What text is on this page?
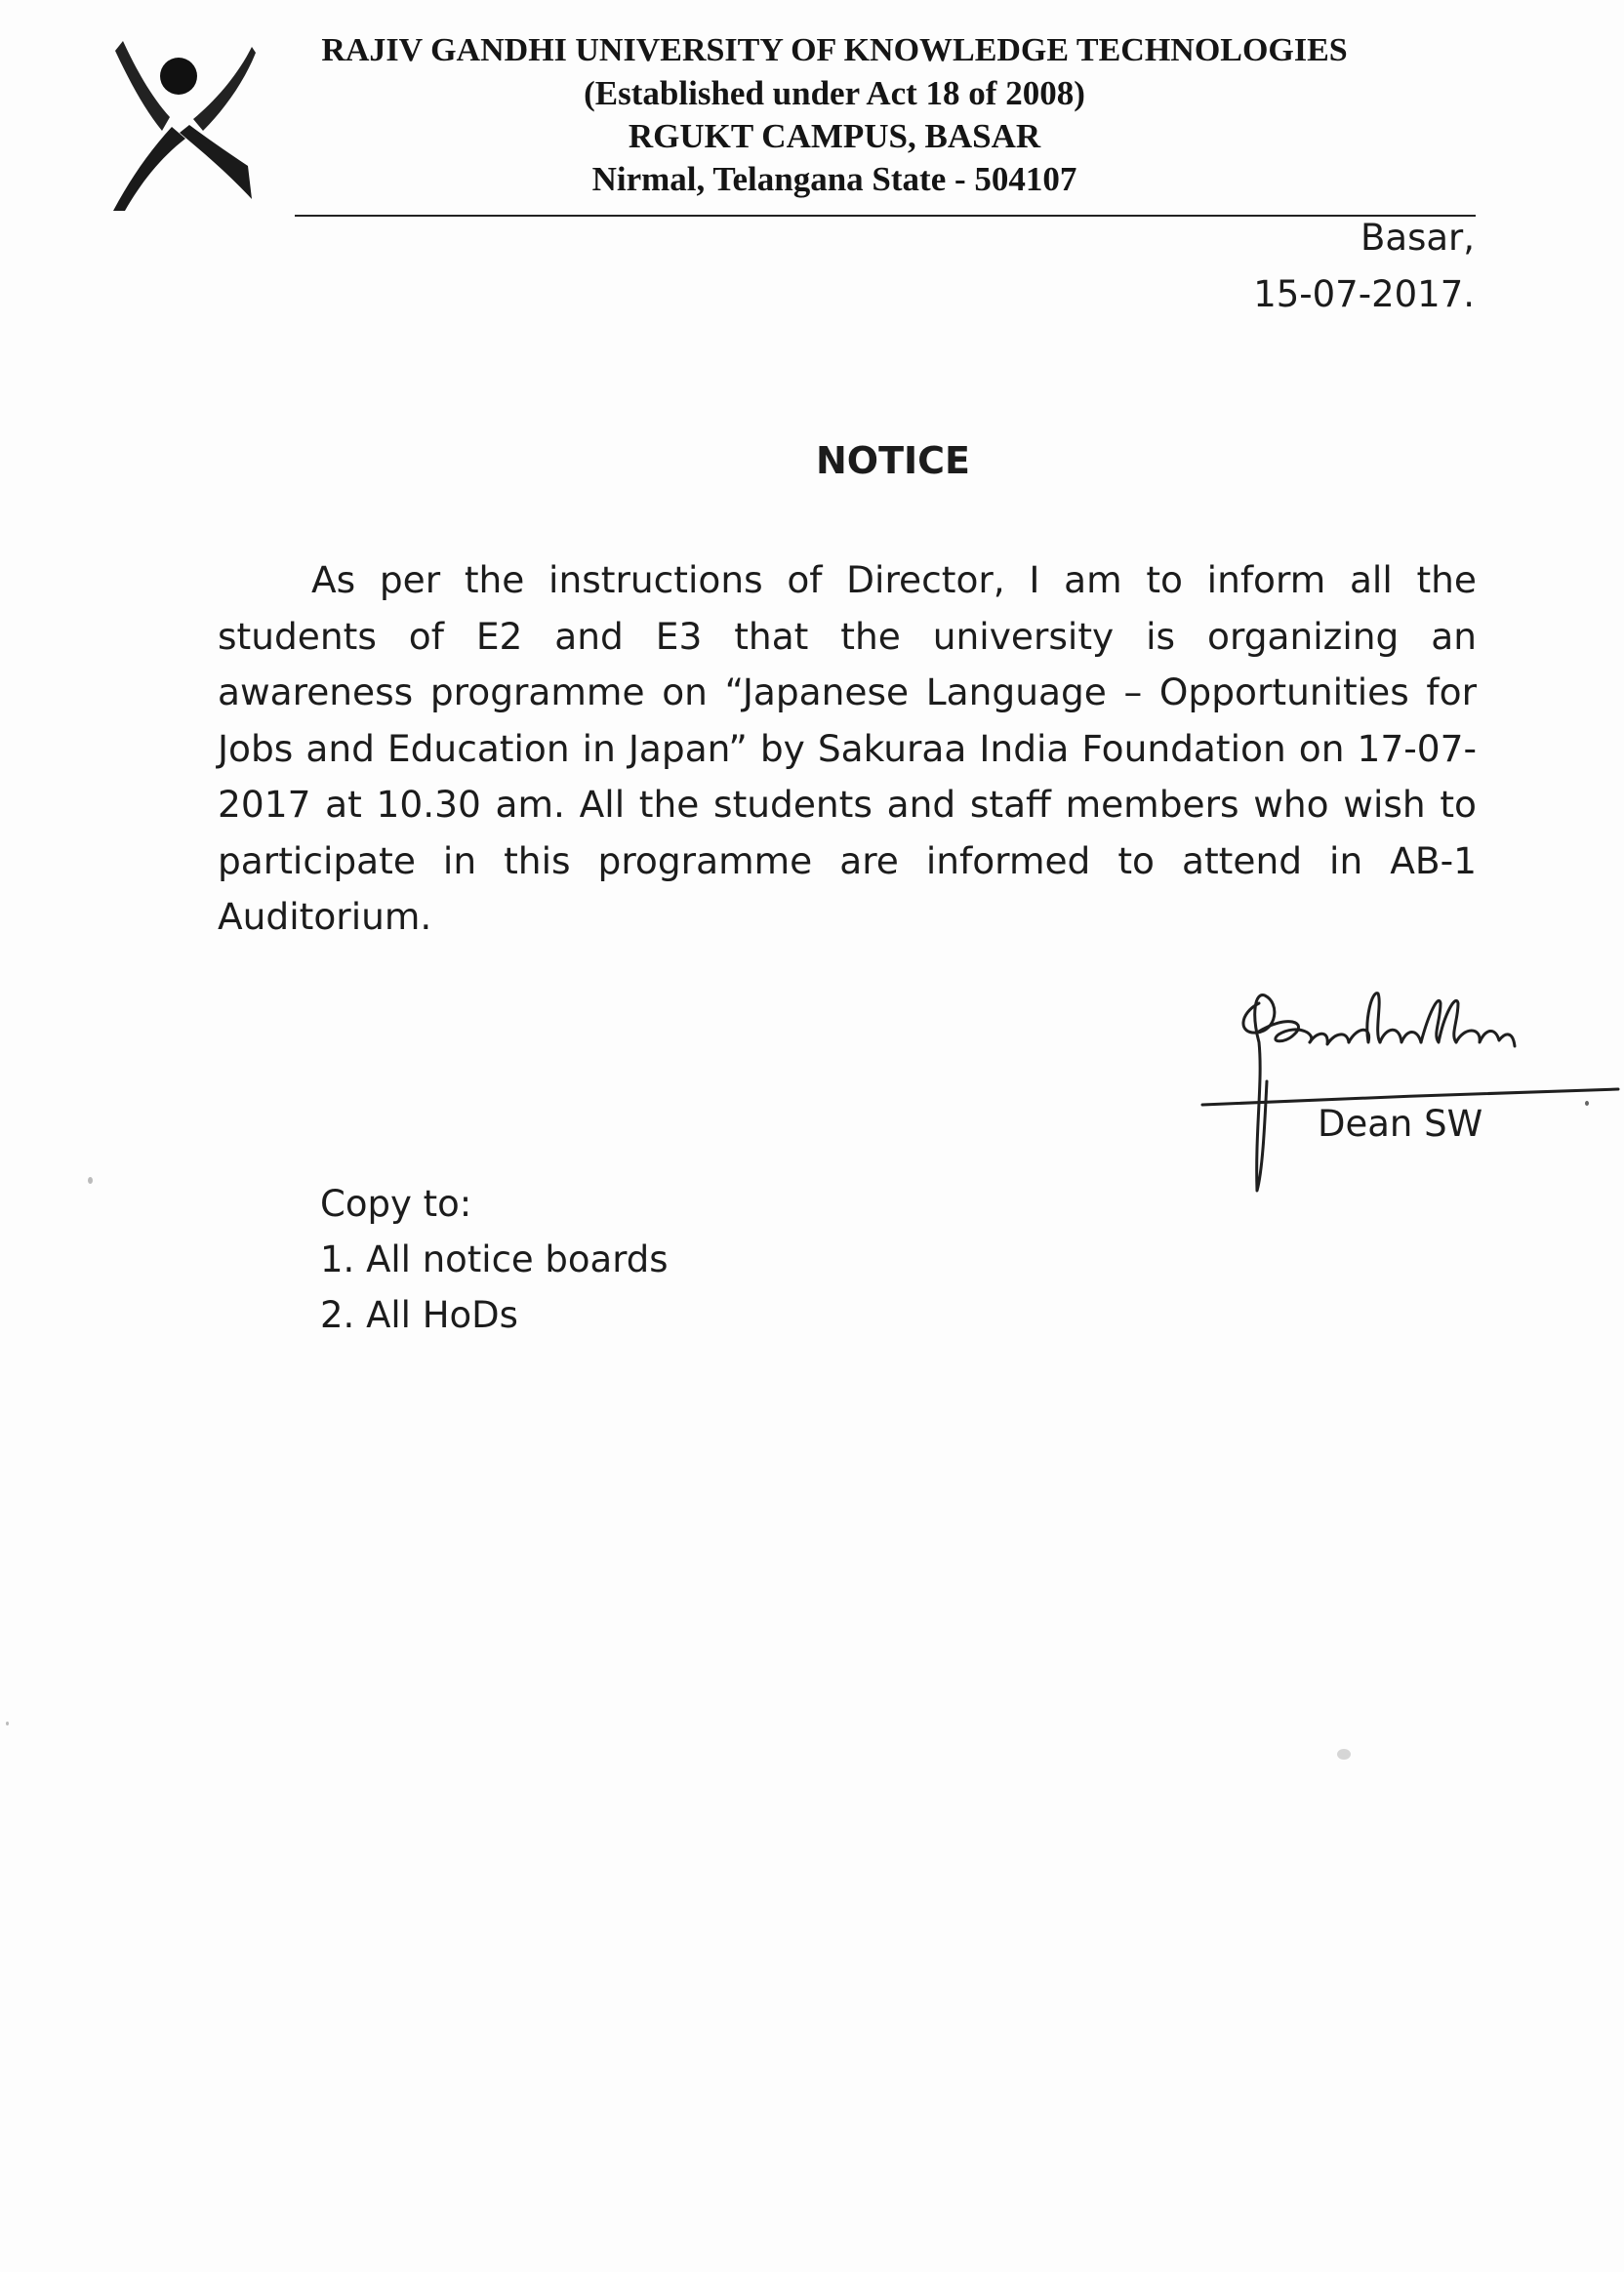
RAJIV GANDHI UNIVERSITY OF KNOWLEDGE TECHNOLOGIES
(Established under Act 18 of 2008)
RGUKT CAMPUS, BASAR
Nirmal, Telangana State - 504107
Basar,
15-07-2017.
NOTICE

As per the instructions of Director, I am to inform all the students of E2 and E3 that the university is organizing an awareness programme on “Japanese Language – Opportunities for Jobs and Education in Japan” by Sakuraa India Foundation on 17-07-2017 at 10.30 am. All the students and staff members who wish to participate in this programme are informed to attend in AB-1 Auditorium.

Dean SW
Copy to:
1. All notice boards
2. All HoDs
